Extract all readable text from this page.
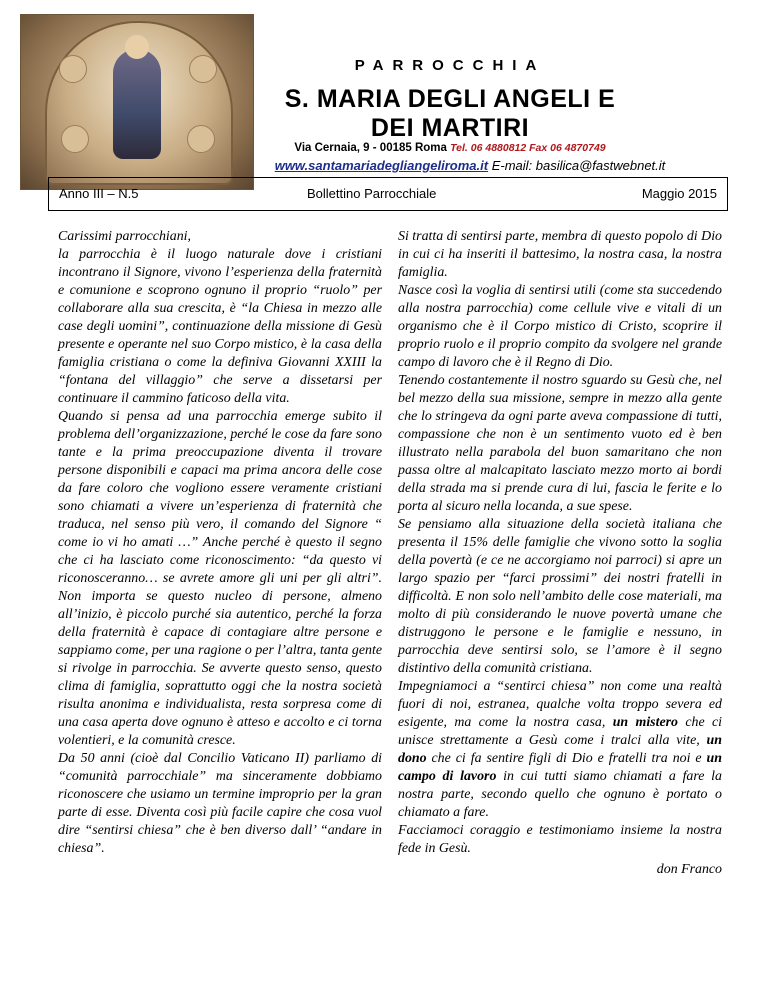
PARROCCHIA
S. MARIA DEGLI ANGELI E
DEI MARTIRI
Via Cernaia, 9 - 00185 Roma Tel. 06 4880812 Fax 06 4870749
www.santamariadegliangeliroma.it E-mail: basilica@fastwebnet.it
Anno III – N.5	Bollettino Parrocchiale	Maggio 2015

Carissimi parrocchiani,

la parrocchia è il luogo naturale dove i cristiani incontrano il Signore, vivono l’esperienza della fraternità e comunione e scoprono ognuno il proprio “ruolo” per collaborare alla sua crescita, è “la Chiesa in mezzo alle case degli uomini”, continuazione della missione di Gesù presente e operante nel suo Corpo mistico, è la casa della famiglia cristiana o come la definiva Giovanni XXIII la “fontana del villaggio” che serve a dissetarsi per continuare il cammino faticoso della vita.

Quando si pensa ad una parrocchia emerge subito il problema dell’organizzazione, perché le cose da fare sono tante e la prima preoccupazione diventa il trovare persone disponibili e capaci ma prima ancora delle cose da fare coloro che vogliono essere veramente cristiani sono chiamati a vivere un’esperienza di fraternità che traduca, nel senso più vero, il comando del Signore “ come io vi ho amati …” Anche perché è questo il segno che ci ha lasciato come riconoscimento: “da questo vi riconosceranno… se avrete amore gli uni per gli altri”. Non importa se questo nucleo di persone, almeno all’inizio, è piccolo purché sia autentico, perché la forza della fraternità è capace di contagiare altre persone e sappiamo come, per una ragione o per l’altra, tanta gente si rivolge in parrocchia. Se avverte questo senso, questo clima di famiglia, soprattutto oggi che la nostra società risulta anonima e individualista, resta sorpresa come di una casa aperta dove ognuno è atteso e accolto e ci torna volentieri, e la comunità cresce.

Da 50 anni (cioè dal Concilio Vaticano II) parliamo di “comunità parrocchiale” ma sinceramente dobbiamo riconoscere che usiamo un termine improprio per la gran parte di esse. Diventa così più facile capire che cosa vuol dire “sentirsi chiesa” che è ben diverso dall’ “andare in chiesa”.

Si tratta di sentirsi parte, membra di questo popolo di Dio in cui ci ha inseriti il battesimo, la nostra casa, la nostra famiglia.

Nasce così la voglia di sentirsi utili (come sta succedendo alla nostra parrocchia) come cellule vive e vitali di un organismo che è il Corpo mistico di Cristo, scoprire il proprio ruolo e il proprio compito da svolgere nel grande campo di lavoro che è il Regno di Dio.

Tenendo costantemente il nostro sguardo su Gesù che, nel bel mezzo della sua missione, sempre in mezzo alla gente che lo stringeva da ogni parte aveva compassione di tutti, compassione che non è un sentimento vuoto ed è ben illustrato nella parabola del buon samaritano che non passa oltre al malcapitato lasciato mezzo morto ai bordi della strada ma si prende cura di lui, fascia le ferite e lo porta al sicuro nella locanda, a sue spese.

Se pensiamo alla situazione della società italiana che presenta il 15% delle famiglie che vivono sotto la soglia della povertà (e ce ne accorgiamo noi parroci) si apre un largo spazio per “farci prossimi” dei nostri fratelli in difficoltà. E non solo nell’ambito delle cose materiali, ma molto di più considerando le nuove povertà umane che distruggono le persone e le famiglie e nessuno, in parrocchia deve sentirsi solo, se l’amore è il segno distintivo della comunità cristiana.

Impegniamoci a “sentirci chiesa” non come una realtà fuori di noi, estranea, qualche volta troppo severa ed esigente, ma come la nostra casa, un mistero che ci unisce strettamente a Gesù come i tralci alla vite, un dono che ci fa sentire figli di Dio e fratelli tra noi e un campo di lavoro in cui tutti siamo chiamati a fare la nostra parte, secondo quello che ognuno è portato o chiamato a fare.

Facciamoci coraggio e testimoniamo insieme la nostra fede in Gesù.

don Franco
